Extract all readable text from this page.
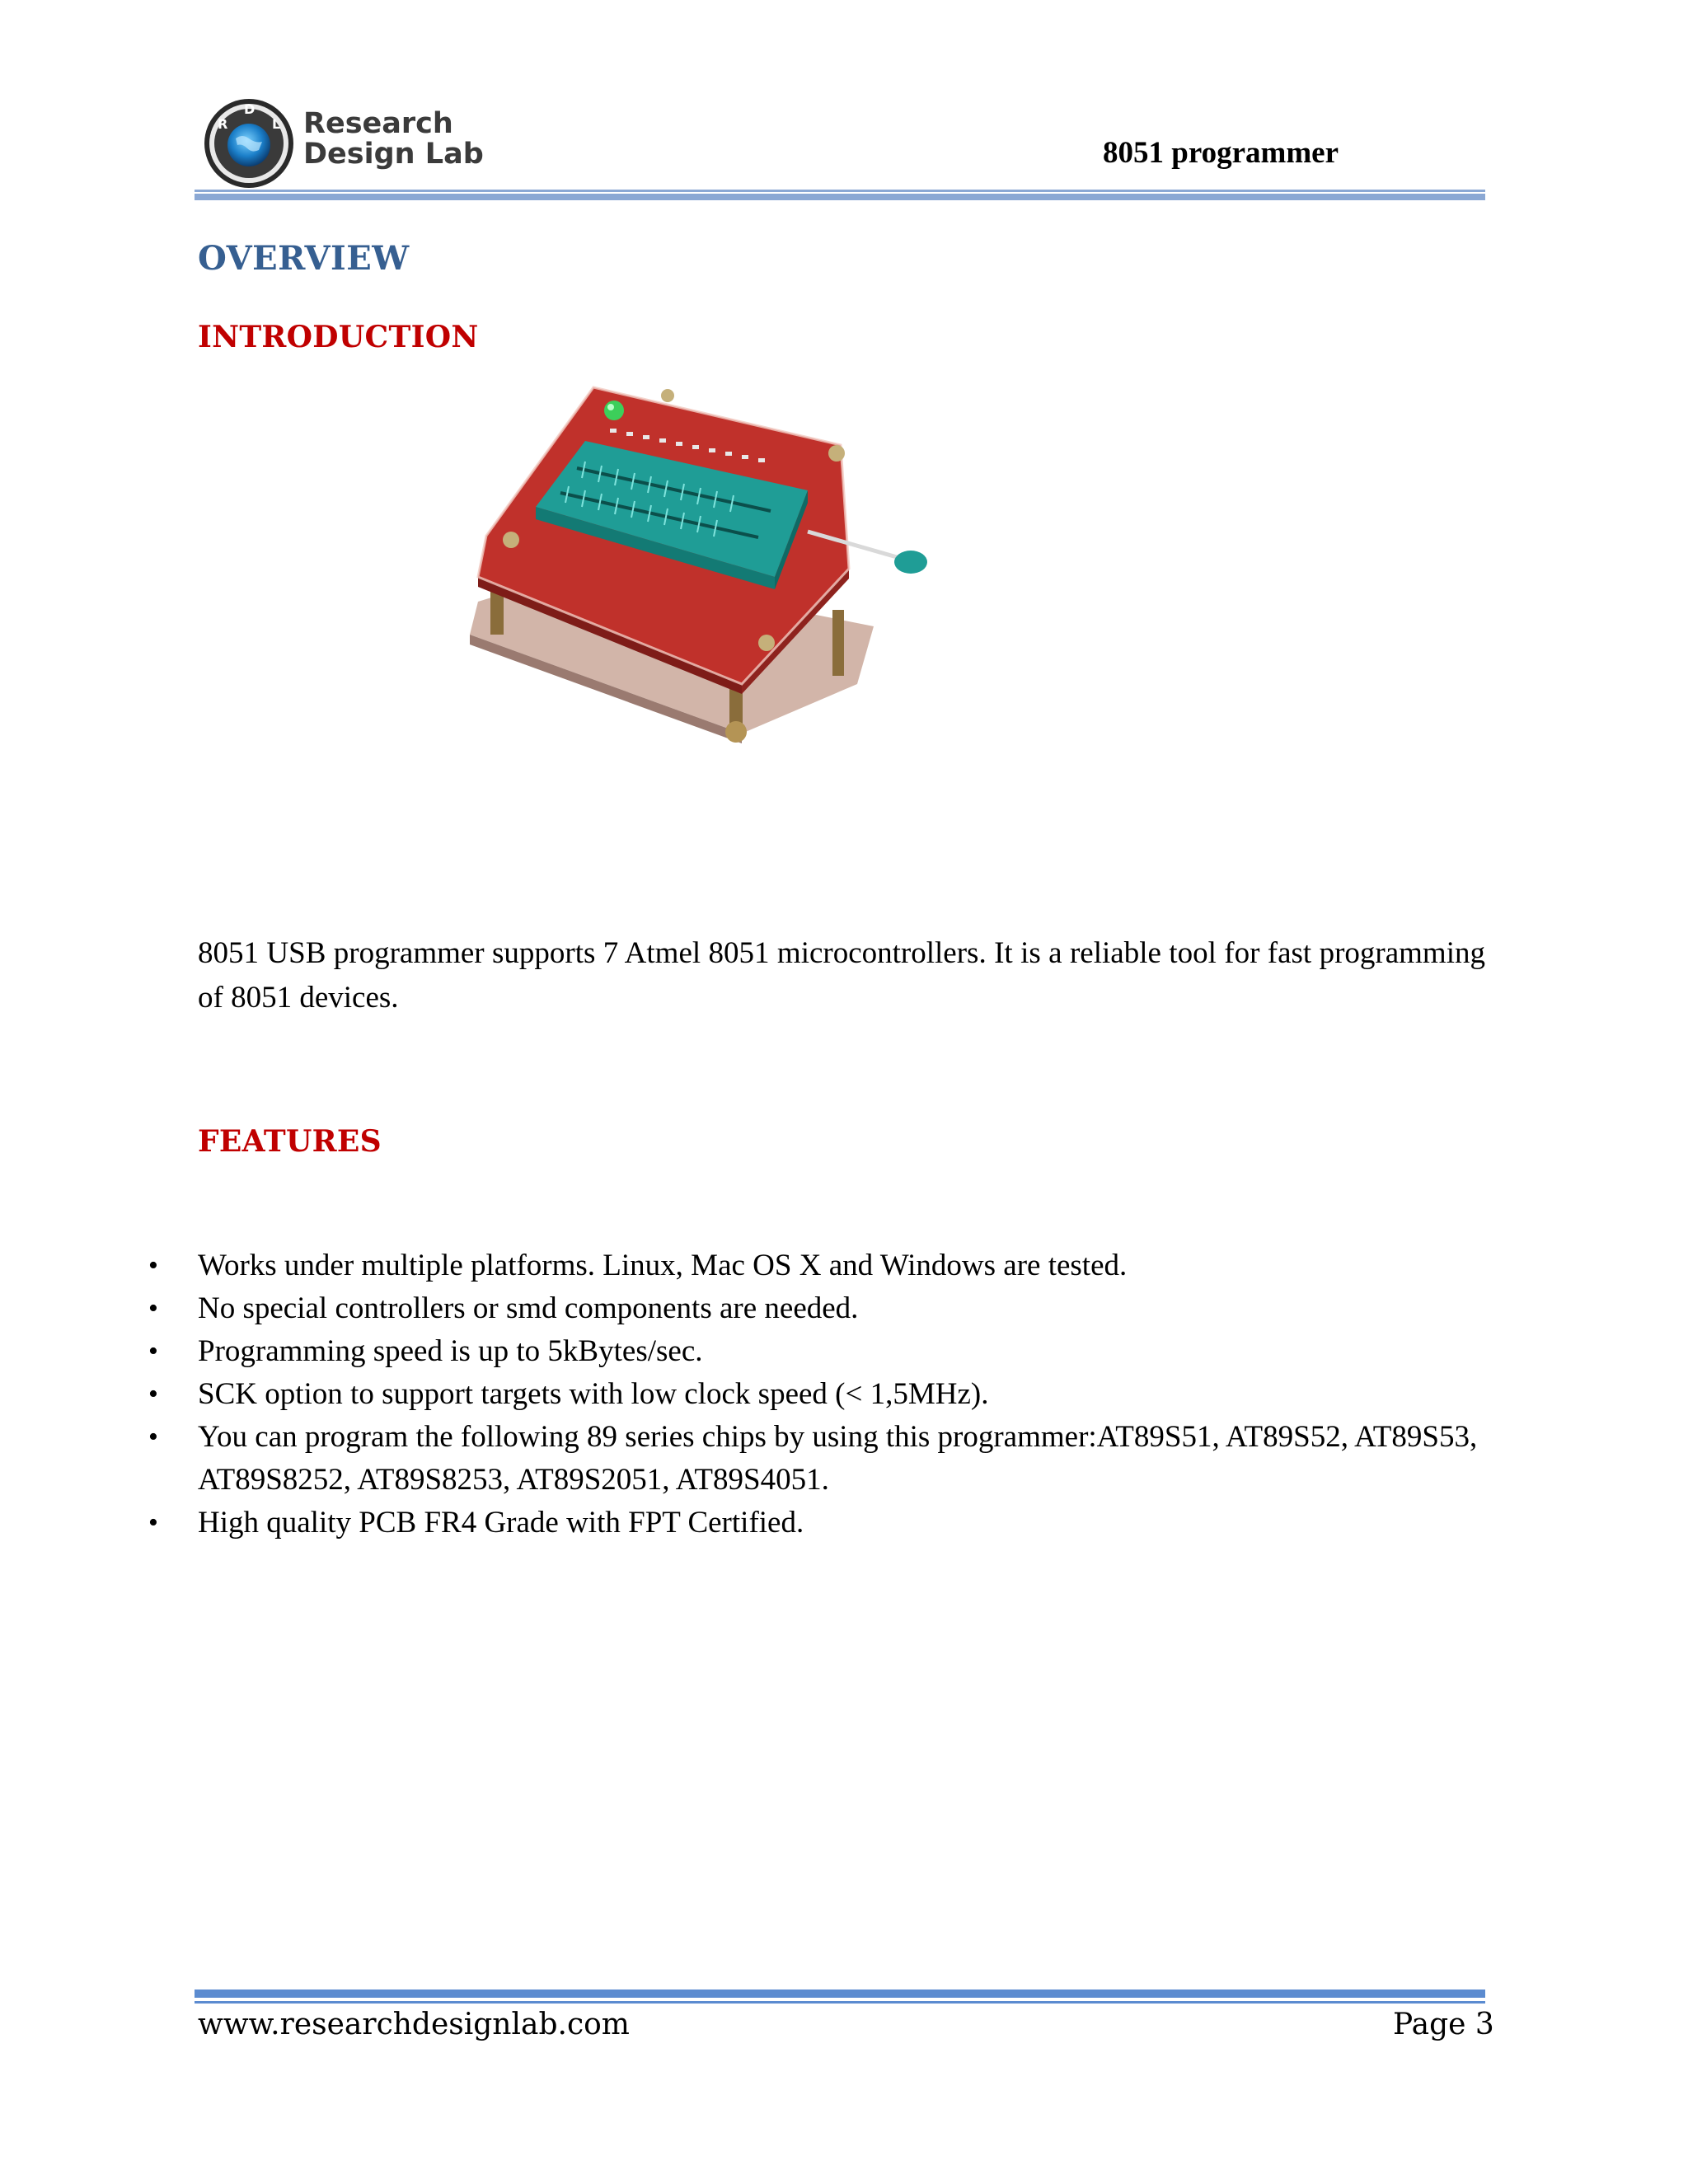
R
D
L Research
Design Lab	8051 programmer
OVERVIEW
INTRODUCTION
8051 USB programmer supports 7 Atmel 8051 microcontrollers. It is a reliable tool for fast programming of 8051 devices.
FEATURES
• Works under multiple platforms. Linux, Mac OS X and Windows are tested.
• No special controllers or smd components are needed.
• Programming speed is up to 5kBytes/sec.
• SCK option to support targets with low clock speed (< 1,5MHz).
• You can program the following 89 series chips by using this programmer:AT89S51, AT89S52, AT89S53, AT89S8252, AT89S8253, AT89S2051, AT89S4051.
• High quality PCB FR4 Grade with FPT Certified.
www.researchdesignlab.com	Page 3
